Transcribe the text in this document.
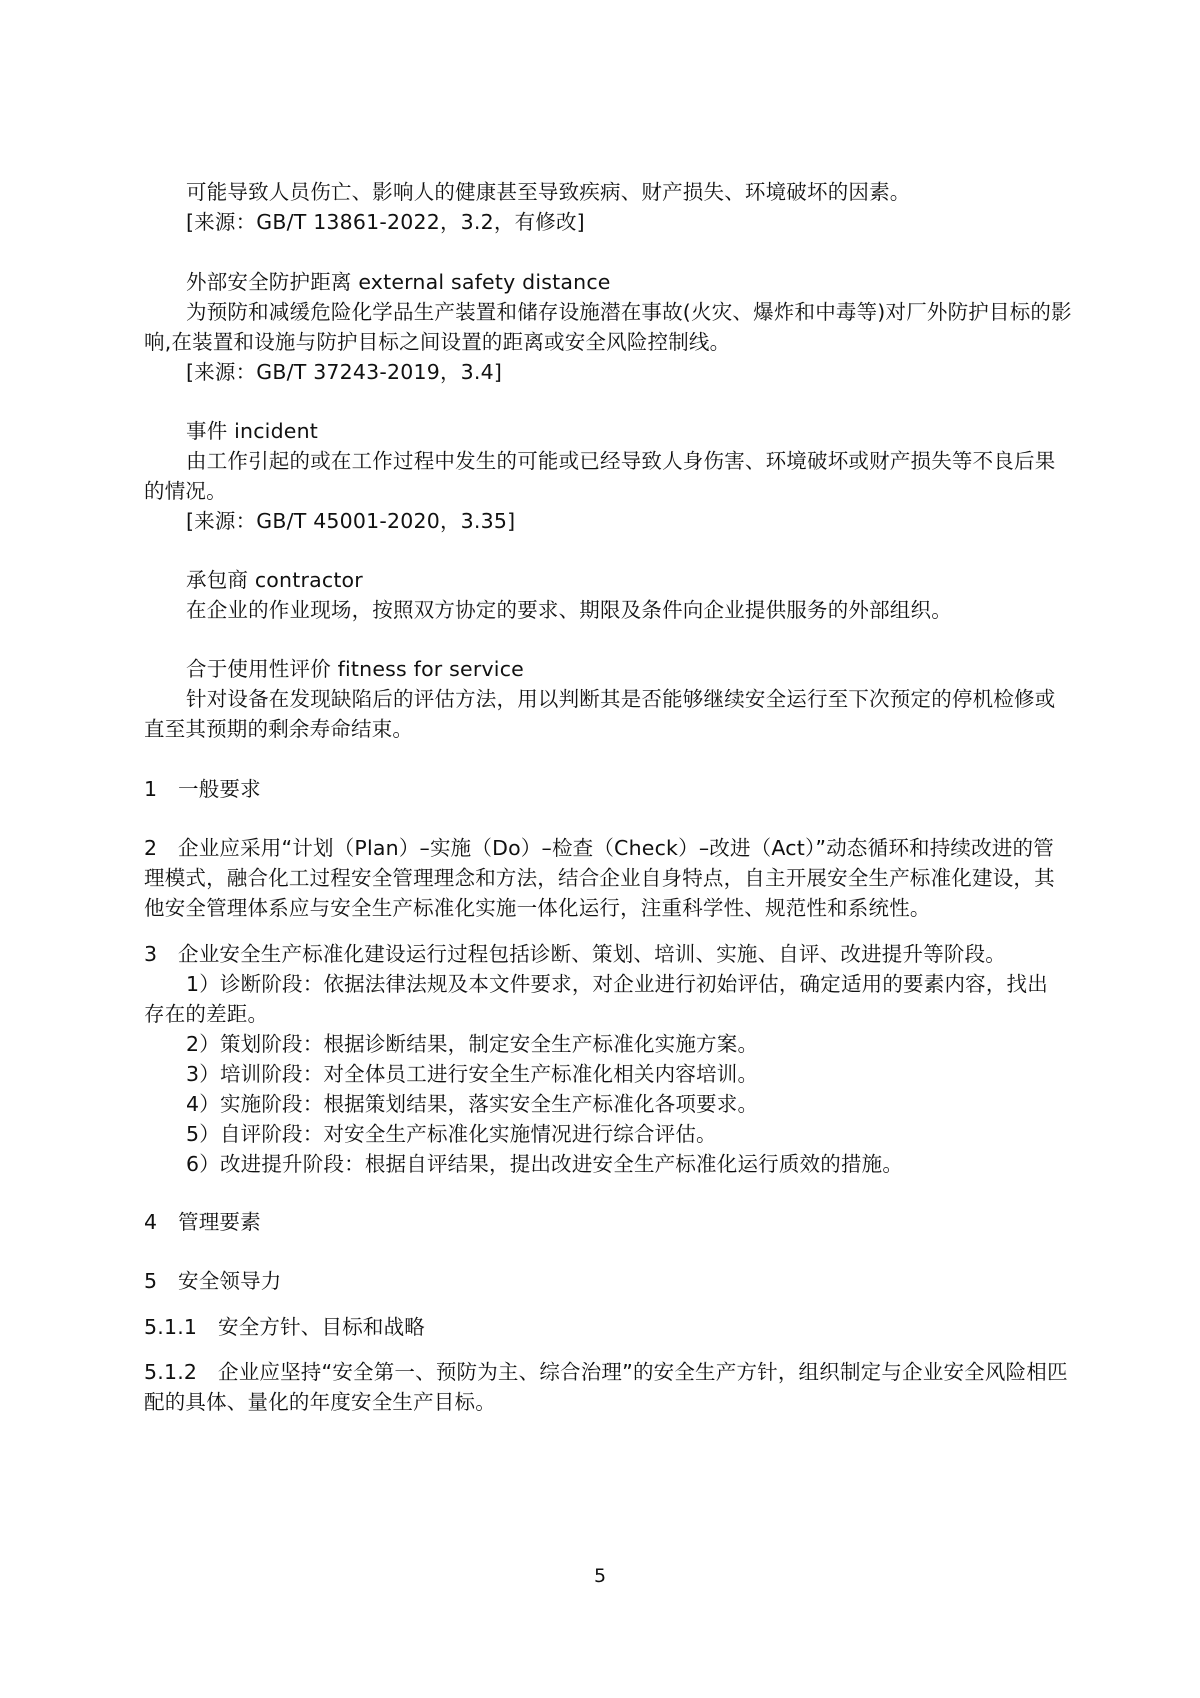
可能导致人员伤亡、影响人的健康甚至导致疾病、财产损失、环境破坏的因素。
[来源：GB/T 13861-2022，3.2，有修改]
外部安全防护距离 external safety distance
为预防和减缓危险化学品生产装置和储存设施潜在事故(火灾、爆炸和中毒等)对厂外防护目标的影
响,在装置和设施与防护目标之间设置的距离或安全风险控制线。
[来源：GB/T 37243-2019，3.4]
事件 incident
由工作引起的或在工作过程中发生的可能或已经导致人身伤害、环境破坏或财产损失等不良后果
的情况。
[来源：GB/T 45001-2020，3.35]
承包商 contractor
在企业的作业现场，按照双方协定的要求、期限及条件向企业提供服务的外部组织。
合于使用性评价 fitness for service
针对设备在发现缺陷后的评估方法，用以判断其是否能够继续安全运行至下次预定的停机检修或
直至其预期的剩余寿命结束。
1 一般要求
2 企业应采用“计划（Plan）–实施（Do）–检查（Check）–改进（Act）”动态循环和持续改进的管
理模式，融合化工过程安全管理理念和方法，结合企业自身特点，自主开展安全生产标准化建设，其
他安全管理体系应与安全生产标准化实施一体化运行，注重科学性、规范性和系统性。
3 企业安全生产标准化建设运行过程包括诊断、策划、培训、实施、自评、改进提升等阶段。
1）诊断阶段：依据法律法规及本文件要求，对企业进行初始评估，确定适用的要素内容，找出
存在的差距。
2）策划阶段：根据诊断结果，制定安全生产标准化实施方案。
3）培训阶段：对全体员工进行安全生产标准化相关内容培训。
4）实施阶段：根据策划结果，落实安全生产标准化各项要求。
5）自评阶段：对安全生产标准化实施情况进行综合评估。
6）改进提升阶段：根据自评结果，提出改进安全生产标准化运行质效的措施。
4 管理要素
5 安全领导力
5.1.1 安全方针、目标和战略
5.1.2 企业应坚持“安全第一、预防为主、综合治理”的安全生产方针，组织制定与企业安全风险相匹
配的具体、量化的年度安全生产目标。
5
